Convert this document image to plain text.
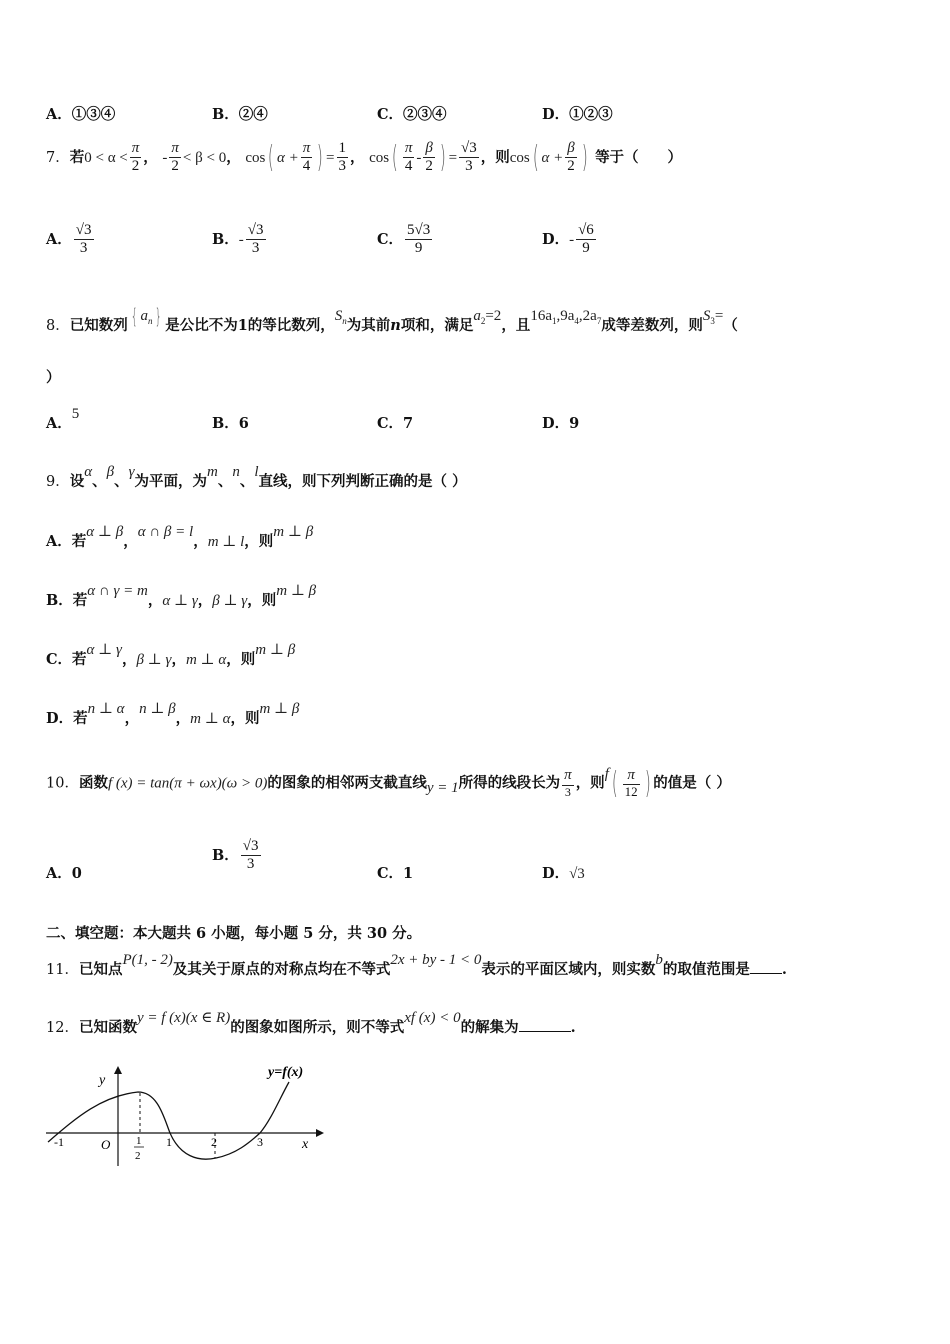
A．①③④	B．②④	C．②③④	D．①②③
7．若$0 < \alpha < \frac{\pi}{2}$ ， - $\frac{\pi}{2} < \beta < 0$， cos( $\alpha + \frac{\pi}{4}$ ) = $\frac{1}{3}$ ， $\cos( \frac{\pi}{4} - \frac{\beta}{2}$ ) = $\frac{√3}{3}$ ，则cos( $\alpha + \frac{\beta}{2}$ ) 等于（　　）
A． $\frac{√3}{3}$	B．- $\frac{√3}{3}$	C． $\frac{5√3}{9}$	D．- $\frac{√6}{9}$
8．已知数列 { $a_n$ } 是公比不为1的等比数列，$S_n$为其前n项和，满足$a_2=2$，且$16a_1,9a_4,2a_7$成等差数列，则$S_3=$（
）
A．5
B．6	C．7	D．9
9．设α、β、γ为平面，为m、n、l直线，则下列判断正确的是（ ）
A．若α ⊥ β，α ∩ β = l，m ⊥ l，则m ⊥ β
B．若α ∩ γ = m，α ⊥ γ，β ⊥ γ，则m ⊥ β
C．若α ⊥ γ，β ⊥ γ，m ⊥ α，则m ⊥ β
D．若n ⊥ α，n ⊥ β，m ⊥ α，则m ⊥ β
10．函数f (x) = tan(π + ωx)(ω > 0)的图象的相邻两支截直线y = 1所得的线段长为 $\frac{\pi}{3}$ ，则$f( \frac{\pi}{12}$ ) 的值是（ ）
A．0
B． $\frac{√3}{3}$	C．1	D．√3
二、填空题：本大题共 6 小题，每小题 5 分，共 30 分。
11．已知点P(1, - 2)及其关于原点的对称点均在不等式2x + by - 1 < 0表示的平面区域内，则实数b的取值范围是 .
12．已知函数y = f (x)(x ∈ R)的图象如图所示，则不等式xf (x) < 0的解集为	.
y
x
y=f(x)
O
-1	1
2
1	2	3
